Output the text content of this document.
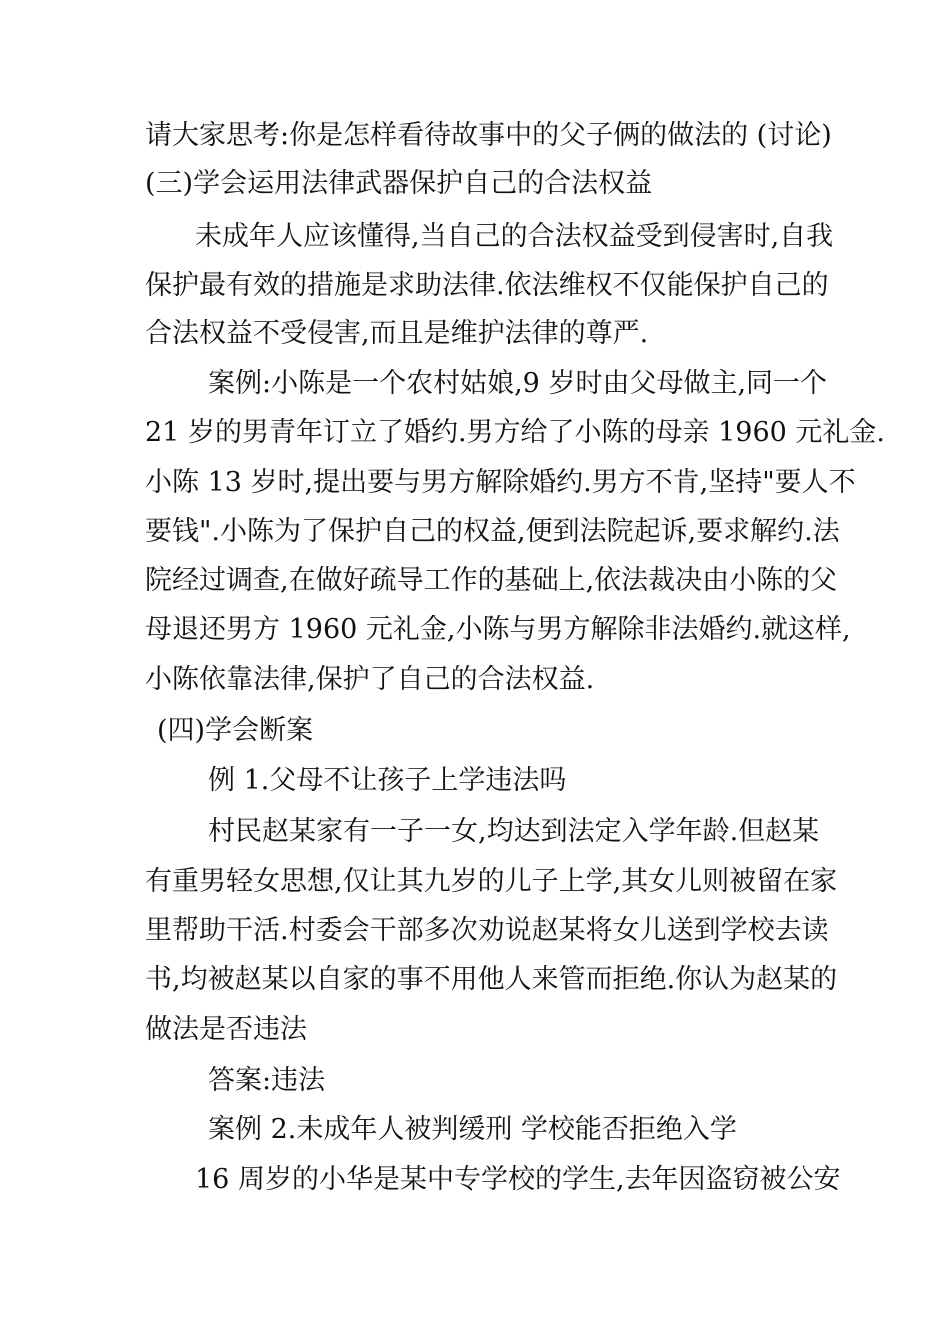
请大家思考:你是怎样看待故事中的父子俩的做法的 (讨论)
(三)学会运用法律武器保护自己的合法权益
未成年人应该懂得,当自己的合法权益受到侵害时,自我
保护最有效的措施是求助法律.依法维权不仅能保护自己的
合法权益不受侵害,而且是维护法律的尊严.
案例:小陈是一个农村姑娘,9 岁时由父母做主,同一个
21 岁的男青年订立了婚约.男方给了小陈的母亲 1960 元礼金.
小陈 13 岁时,提出要与男方解除婚约.男方不肯,坚持"要人不
要钱".小陈为了保护自己的权益,便到法院起诉,要求解约.法
院经过调查,在做好疏导工作的基础上,依法裁决由小陈的父
母退还男方 1960 元礼金,小陈与男方解除非法婚约.就这样,
小陈依靠法律,保护了自己的合法权益.
(四)学会断案
例 1.父母不让孩子上学违法吗
村民赵某家有一子一女,均达到法定入学年龄.但赵某
有重男轻女思想,仅让其九岁的儿子上学,其女儿则被留在家
里帮助干活.村委会干部多次劝说赵某将女儿送到学校去读
书,均被赵某以自家的事不用他人来管而拒绝.你认为赵某的
做法是否违法
答案:违法
案例 2.未成年人被判缓刑 学校能否拒绝入学
16 周岁的小华是某中专学校的学生,去年因盗窃被公安
